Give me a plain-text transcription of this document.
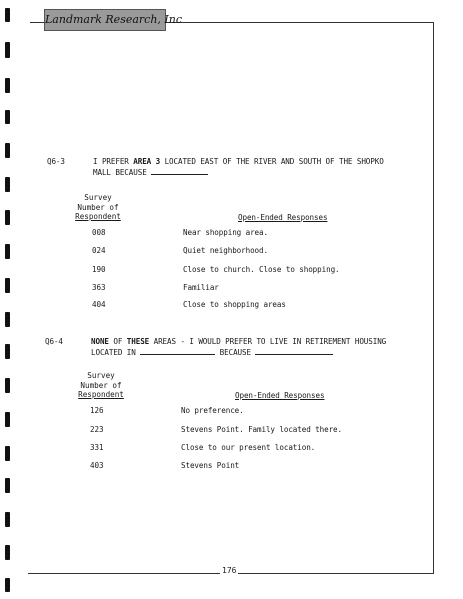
Landmark Research, Inc
Q6-3	I PREFER AREA 3 LOCATED EAST OF THE RIVER AND SOUTH OF THE SHOPKO
MALL BECAUSE
Survey
Number of
Respondent	Open-Ended Responses
008	Near shopping area.
024	Quiet neighborhood.
190	Close to church. Close to shopping.
363	Familiar
404	Close to shopping areas
Q6-4	NONE OF THESE AREAS - I WOULD PREFER TO LIVE IN RETIREMENT HOUSING
LOCATED IN	BECAUSE
Survey
Number of
Respondent	Open-Ended Responses
126	No preference.
223	Stevens Point. Family located there.
331	Close to our present location.
403	Stevens Point
176
